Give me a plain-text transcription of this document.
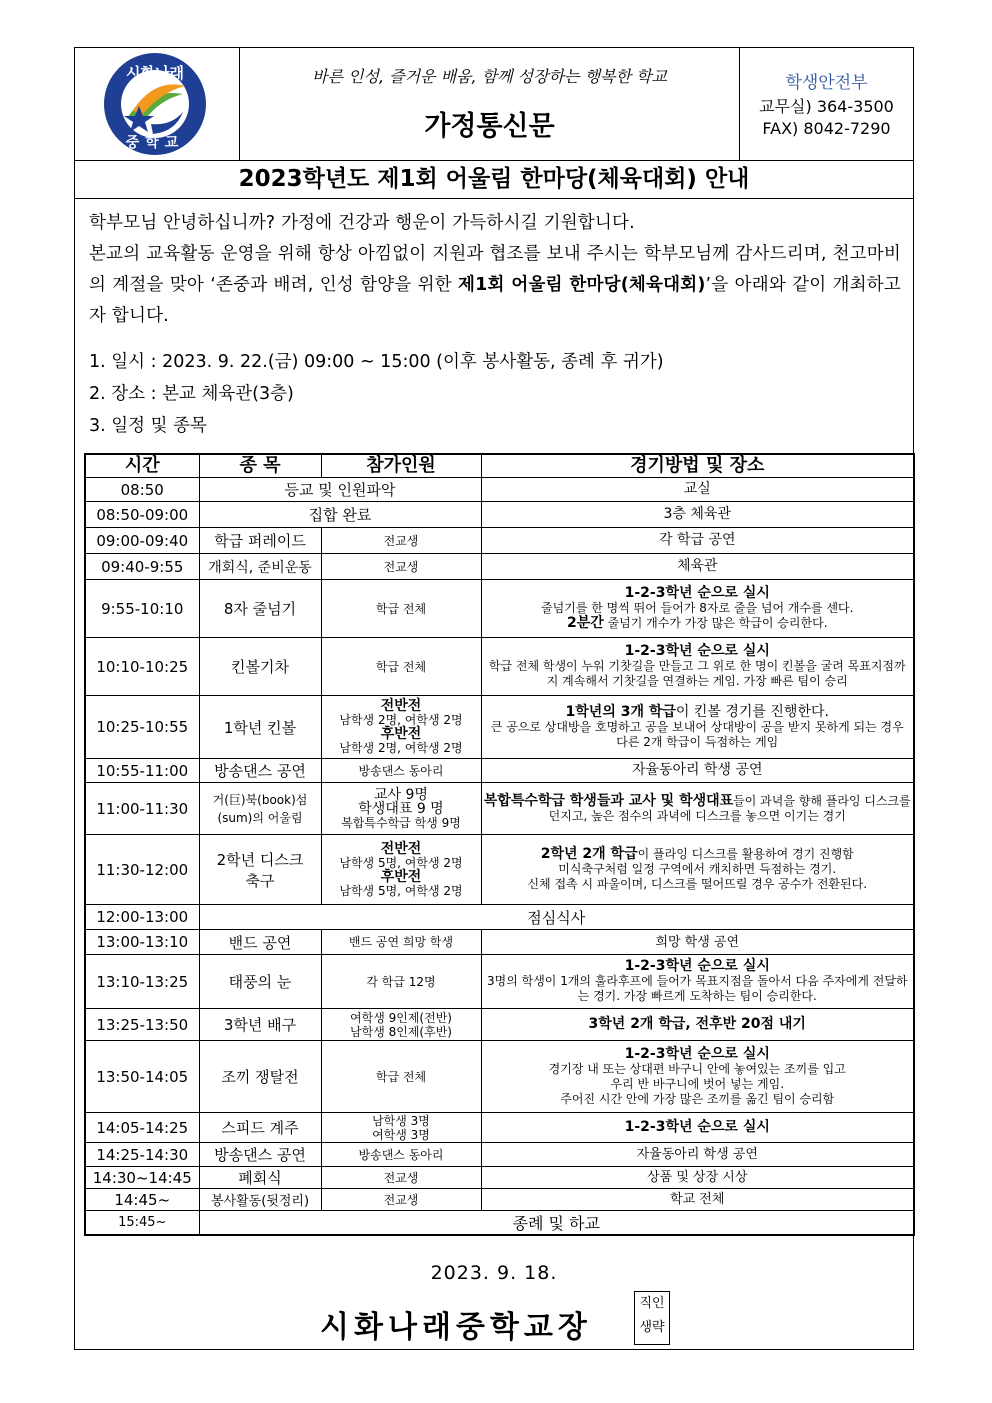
시화나래
중학교
바른 인성, 즐거운 배움, 함께 성장하는 행복한 학교
가정통신문
학생안전부
교무실) 364-3500
FAX) 8042-7290
2023학년도 제1회 어울림 한마당(체육대회) 안내

학부모님 안녕하십니까? 가정에 건강과 행운이 가득하시길 기원합니다.

본교의 교육활동 운영을 위해 항상 아낌없이 지원과 협조를 보내 주시는 학부모님께 감사드리며, 천고마비의 계절을 맞아 ‘존중과 배려, 인성 함양을 위한 제1회 어울림 한마당(체육대회)’을 아래와 같이 개최하고자 합니다.

1. 일시 : 2023. 9. 22.(금) 09:00 ~ 15:00 (이후 봉사활동, 종례 후 귀가)
2. 장소 : 본교 체육관(3층)
3. 일정 및 종목
시간	종 목	참가인원	경기방법 및 장소
08:50	등교 및 인원파악		교실
08:50-09:00	집합 완료		3층 체육관
09:00-09:40	학급 퍼레이드	전교생	각 학급 공연
09:40-9:55	개회식, 준비운동	전교생	체육관
9:55-10:10	8자 줄넘기	학급 전체	1-2-3학년 순으로 실시
줄넘기를 한 명씩 뛰어 들어가 8자로 줄을 넘어 개수를 센다.
2분간 줄넘기 개수가 가장 많은 학급이 승리한다.

10:10-10:25	킨볼기차	학급 전체	1-2-3학년 순으로 실시
학급 전체 학생이 누워 기찻길을 만들고 그 위로 한 명이 킨볼을 굴려 목표지점까지 계속해서 기찻길을 연결하는 게임. 가장 빠른 팀이 승리

10:25-10:55	1학년 킨볼	전반전
남학생 2명, 여학생 2명
후반전
남학생 2명, 여학생 2명	1학년의 3개 학급이 킨볼 경기를 진행한다.
큰 공으로 상대방을 호명하고 공을 보내어 상대방이 공을 받지 못하게 되는 경우 다른 2개 학급이 득점하는 게임

10:55-11:00	방송댄스 공연	방송댄스 동아리	자율동아리 학생 공연
11:00-11:30	거(巨)북(book)섬(sum)의 어울림	교사 9명
학생대표 9 명
복합특수학급 학생 9명	복합특수학급 학생들과 교사 및 학생대표들이 과녁을 향해 플라잉 디스크를 던지고, 높은 점수의 과녁에 디스크를 놓으면 이기는 경기
11:30-12:00	2학년 디스크 축구	전반전
남학생 5명, 여학생 2명
후반전
남학생 5명, 여학생 2명	2학년 2개 학급이 플라잉 디스크를 활용하여 경기 진행함
미식축구처럼 일정 구역에서 캐치하면 득점하는 경기.
신체 접촉 시 파울이며, 디스크를 떨어뜨릴 경우 공수가 전환된다.

12:00-13:00	점심식사		
13:00-13:10	밴드 공연	밴드 공연 희망 학생	희망 학생 공연
13:10-13:25	태풍의 눈	각 학급 12명	1-2-3학년 순으로 실시
3명의 학생이 1개의 훌라후프에 들어가 목표지점을 돌아서 다음 주자에게 전달하는 경기. 가장 빠르게 도착하는 팀이 승리한다.

13:25-13:50	3학년 배구	여학생 9인제(전반)
남학생 8인제(후반)	3학년 2개 학급, 전후반 20점 내기

13:50-14:05	조끼 쟁탈전	학급 전체	1-2-3학년 순으로 실시
경기장 내 또는 상대편 바구니 안에 놓여있는 조끼를 입고
우리 반 바구니에 벗어 넣는 게임.
주어진 시간 안에 가장 많은 조끼를 옮긴 팀이 승리함

14:05-14:25	스피드 계주	남학생 3명
여학생 3명	1-2-3학년 순으로 실시

14:25-14:30	방송댄스 공연	방송댄스 동아리	자율동아리 학생 공연
14:30~14:45	폐회식	전교생	상품 및 상장 시상
14:45~	봉사활동(뒷정리)	전교생	학교 전체
15:45~	종례 및 하교		
2023. 9. 18.
시화나래중학교장
직인
생략
